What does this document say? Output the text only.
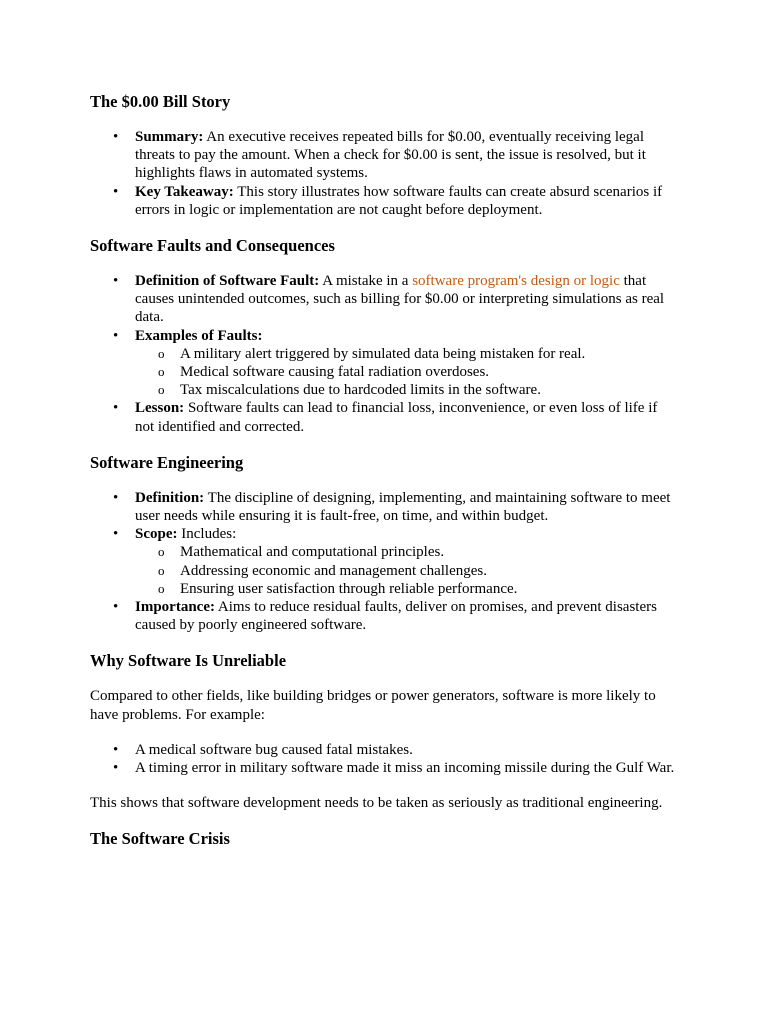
The $0.00 Bill Story
• Summary: An executive receives repeated bills for $0.00, eventually receiving legal threats to pay the amount. When a check for $0.00 is sent, the issue is resolved, but it highlights flaws in automated systems.
• Key Takeaway: This story illustrates how software faults can create absurd scenarios if errors in logic or implementation are not caught before deployment.
Software Faults and Consequences
• Definition of Software Fault: A mistake in a software program's design or logic that causes unintended outcomes, such as billing for $0.00 or interpreting simulations as real data.
• Examples of Faults:
o A military alert triggered by simulated data being mistaken for real.
o Medical software causing fatal radiation overdoses.
o Tax miscalculations due to hardcoded limits in the software.
• Lesson: Software faults can lead to financial loss, inconvenience, or even loss of life if not identified and corrected.
Software Engineering
• Definition: The discipline of designing, implementing, and maintaining software to meet user needs while ensuring it is fault-free, on time, and within budget.
• Scope: Includes:
o Mathematical and computational principles.
o Addressing economic and management challenges.
o Ensuring user satisfaction through reliable performance.
• Importance: Aims to reduce residual faults, deliver on promises, and prevent disasters caused by poorly engineered software.
Why Software Is Unreliable

Compared to other fields, like building bridges or power generators, software is more likely to have problems. For example:

• A medical software bug caused fatal mistakes.
• A timing error in military software made it miss an incoming missile during the Gulf War.

This shows that software development needs to be taken as seriously as traditional engineering.

The Software Crisis
